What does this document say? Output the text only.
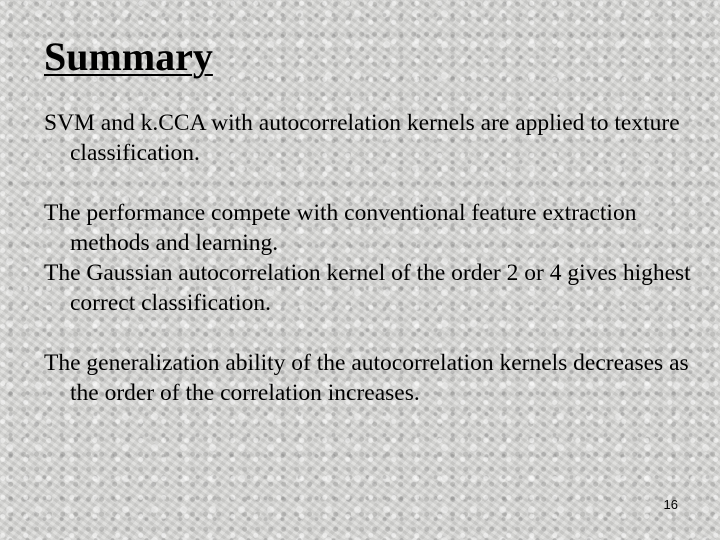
Summary
SVM and k.CCA with autocorrelation kernels are applied to texture classification.
The performance compete with conventional feature extraction methods and learning.
The Gaussian autocorrelation kernel of the order 2 or 4 gives highest correct classification.
The generalization ability of the autocorrelation kernels decreases as the order of the correlation increases.
16
